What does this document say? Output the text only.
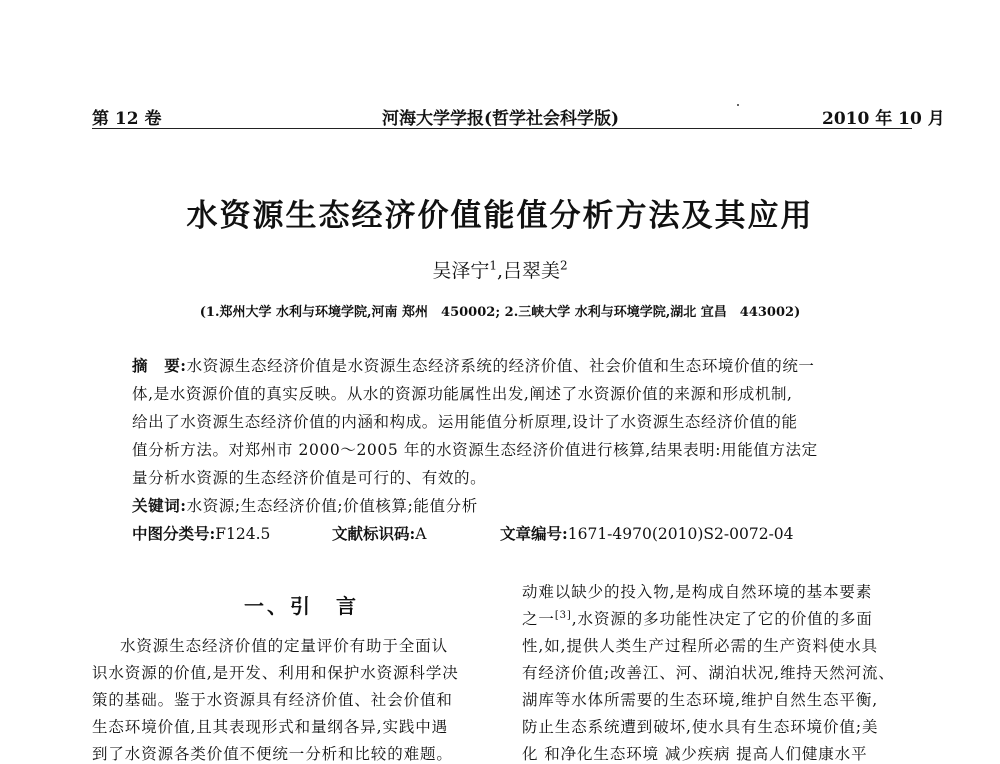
第 12 卷	河海大学学报(哲学社会科学版)	2010 年 10 月
水资源生态经济价值能值分析方法及其应用
吴泽宁$^1$,吕翠美$^2$
(1.郑州大学 水利与环境学院,河南 郑州　450002; 2.三峡大学 水利与环境学院,湖北 宜昌　443002)
摘　要:水资源生态经济价值是水资源生态经济系统的经济价值、社会价值和生态环境价值的统一
体,是水资源价值的真实反映。从水的资源功能属性出发,阐述了水资源价值的来源和形成机制,
给出了水资源生态经济价值的内涵和构成。运用能值分析原理,设计了水资源生态经济价值的能
值分析方法。对郑州市 2000～2005 年的水资源生态经济价值进行核算,结果表明:用能值方法定
量分析水资源的生态经济价值是可行的、有效的。
关键词:水资源;生态经济价值;价值核算;能值分析
中图分类号:F124.5	文献标识码:A	文章编号:1671-4970(2010)S2-0072-04
一、引　言
水资源生态经济价值的定量评价有助于全面认
识水资源的价值,是开发、利用和保护水资源科学决
策的基础。鉴于水资源具有经济价值、社会价值和
生态环境价值,且其表现形式和量纲各异,实践中遇
到了水资源各类价值不便统一分析和比较的难题。
动难以缺少的投入物,是构成自然环境的基本要素
之一[3],水资源的多功能性决定了它的价值的多面
性,如,提供人类生产过程所必需的生产资料使水具
有经济价值;改善江、河、湖泊状况,维持天然河流、
湖库等水体所需要的生态环境,维护自然生态平衡,
防止生态系统遭到破坏,使水具有生态环境价值;美
化 和净化生态环境 减少疾病 提高人们健康水平
